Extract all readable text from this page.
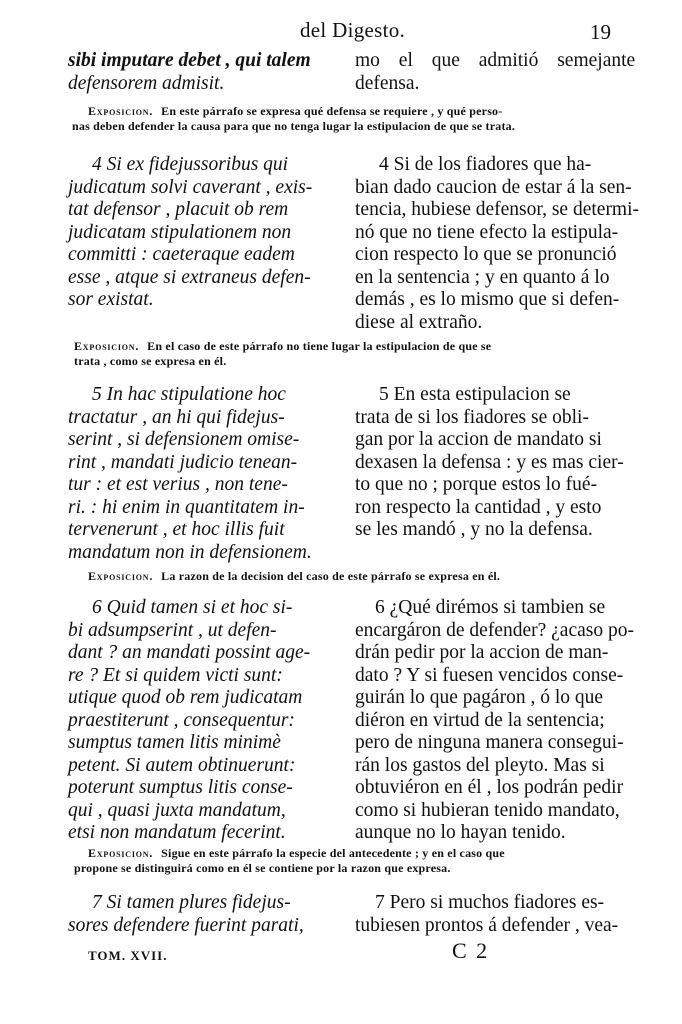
del Digesto.	19
sibi imputare debet , qui talem
defensorem admisit.
mo el que admitió semejante
defensa.
Exposicion. En este párrafo se expresa qué defensa se requiere , y qué perso-
nas deben defender la causa para que no tenga lugar la estipulacion de que se trata.
4 Si ex fidejussoribus qui
judicatum solvi caverant , exis-
tat defensor , placuit ob rem
judicatam stipulationem non
committi : caeteraque eadem
esse , atque si extraneus defen-
sor existat.
4 Si de los fiadores que ha-
bian dado caucion de estar á la sen-
tencia, hubiese defensor, se determi-
nó que no tiene efecto la estipula-
cion respecto lo que se pronunció
en la sentencia ; y en quanto á lo
demás , es lo mismo que si defen-
diese al extraño.
Exposicion. En el caso de este párrafo no tiene lugar la estipulacion de que se
trata , como se expresa en él.
5 In hac stipulatione hoc
tractatur , an hi qui fidejus-
serint , si defensionem omise-
rint , mandati judicio tenean-
tur : et est verius , non tene-
ri. : hi enim in quantitatem in-
tervenerunt , et hoc illis fuit
mandatum non in defensionem.
5 En esta estipulacion se
trata de si los fiadores se obli-
gan por la accion de mandato si
dexasen la defensa : y es mas cier-
to que no ; porque estos lo fué-
ron respecto la cantidad , y esto
se les mandó , y no la defensa.
Exposicion. La razon de la decision del caso de este párrafo se expresa en él.
6 Quid tamen si et hoc si-
bi adsumpserint , ut defen-
dant ? an mandati possint age-
re ? Et si quidem victi sunt:
utique quod ob rem judicatam
praestiterunt , consequentur:
sumptus tamen litis minimè
petent. Si autem obtinuerunt:
poterunt sumptus litis conse-
qui , quasi juxta mandatum,
etsi non mandatum fecerint.
6 ¿Qué dirémos si tambien se
encargáron de defender? ¿acaso po-
drán pedir por la accion de man-
dato ? Y si fuesen vencidos conse-
guirán lo que pagáron , ó lo que
diéron en virtud de la sentencia;
pero de ninguna manera consegui-
rán los gastos del pleyto. Mas si
obtuviéron en él , los podrán pedir
como si hubieran tenido mandato,
aunque no lo hayan tenido.
Exposicion. Sigue en este párrafo la especie del antecedente ; y en el caso que
propone se distinguirá como en él se contiene por la razon que expresa.
7 Si tamen plures fidejus-
sores defendere fuerint parati,
7 Pero si muchos fiadores es-
tubiesen prontos á defender , vea-
TOM. XVII.	C 2
